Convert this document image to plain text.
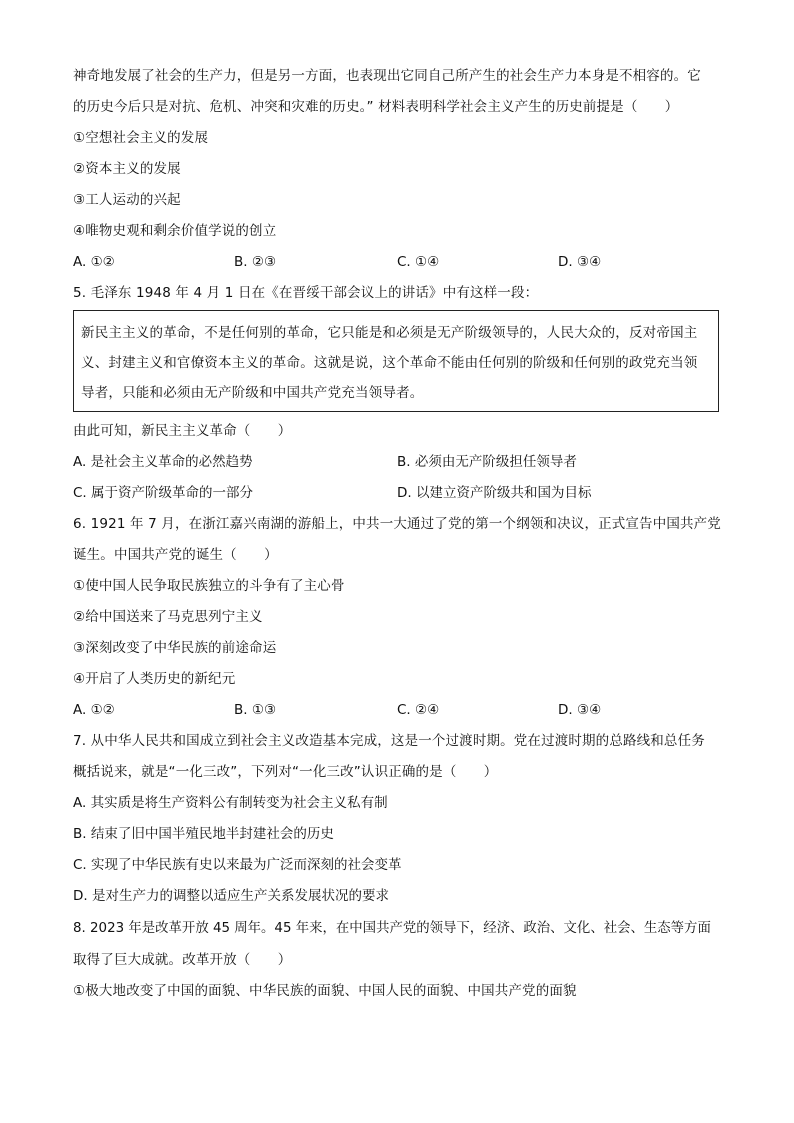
神奇地发展了社会的生产力，但是另一方面，也表现出它同自己所产生的社会生产力本身是不相容的。它
的历史今后只是对抗、危机、冲突和灾难的历史。” 材料表明科学社会主义产生的历史前提是（　　）
①空想社会主义的发展
②资本主义的发展
③工人运动的兴起
④唯物史观和剩余价值学说的创立
A. ①②	B. ②③	C. ①④	D. ③④
5. 毛泽东 1948 年 4 月 1 日在《在晋绥干部会议上的讲话》中有这样一段：
新民主主义的革命，不是任何别的革命，它只能是和必须是无产阶级领导的，人民大众的，反对帝国主
义、封建主义和官僚资本主义的革命。这就是说，这个革命不能由任何别的阶级和任何别的政党充当领
导者，只能和必须由无产阶级和中国共产党充当领导者。
由此可知，新民主主义革命（　　）
A. 是社会主义革命的必然趋势	B. 必须由无产阶级担任领导者
C. 属于资产阶级革命的一部分	D. 以建立资产阶级共和国为目标
6. 1921 年 7 月，在浙江嘉兴南湖的游船上，中共一大通过了党的第一个纲领和决议，正式宣告中国共产党
诞生。中国共产党的诞生（　　）
①使中国人民争取民族独立的斗争有了主心骨
②给中国送来了马克思列宁主义
③深刻改变了中华民族的前途命运
④开启了人类历史的新纪元
A. ①②	B. ①③	C. ②④	D. ③④
7. 从中华人民共和国成立到社会主义改造基本完成，这是一个过渡时期。党在过渡时期的总路线和总任务
概括说来，就是“一化三改”，下列对“一化三改”认识正确的是（　　）
A. 其实质是将生产资料公有制转变为社会主义私有制
B. 结束了旧中国半殖民地半封建社会的历史
C. 实现了中华民族有史以来最为广泛而深刻的社会变革
D. 是对生产力的调整以适应生产关系发展状况的要求
8. 2023 年是改革开放 45 周年。45 年来，在中国共产党的领导下，经济、政治、文化、社会、生态等方面
取得了巨大成就。改革开放（　　）
①极大地改变了中国的面貌、中华民族的面貌、中国人民的面貌、中国共产党的面貌
